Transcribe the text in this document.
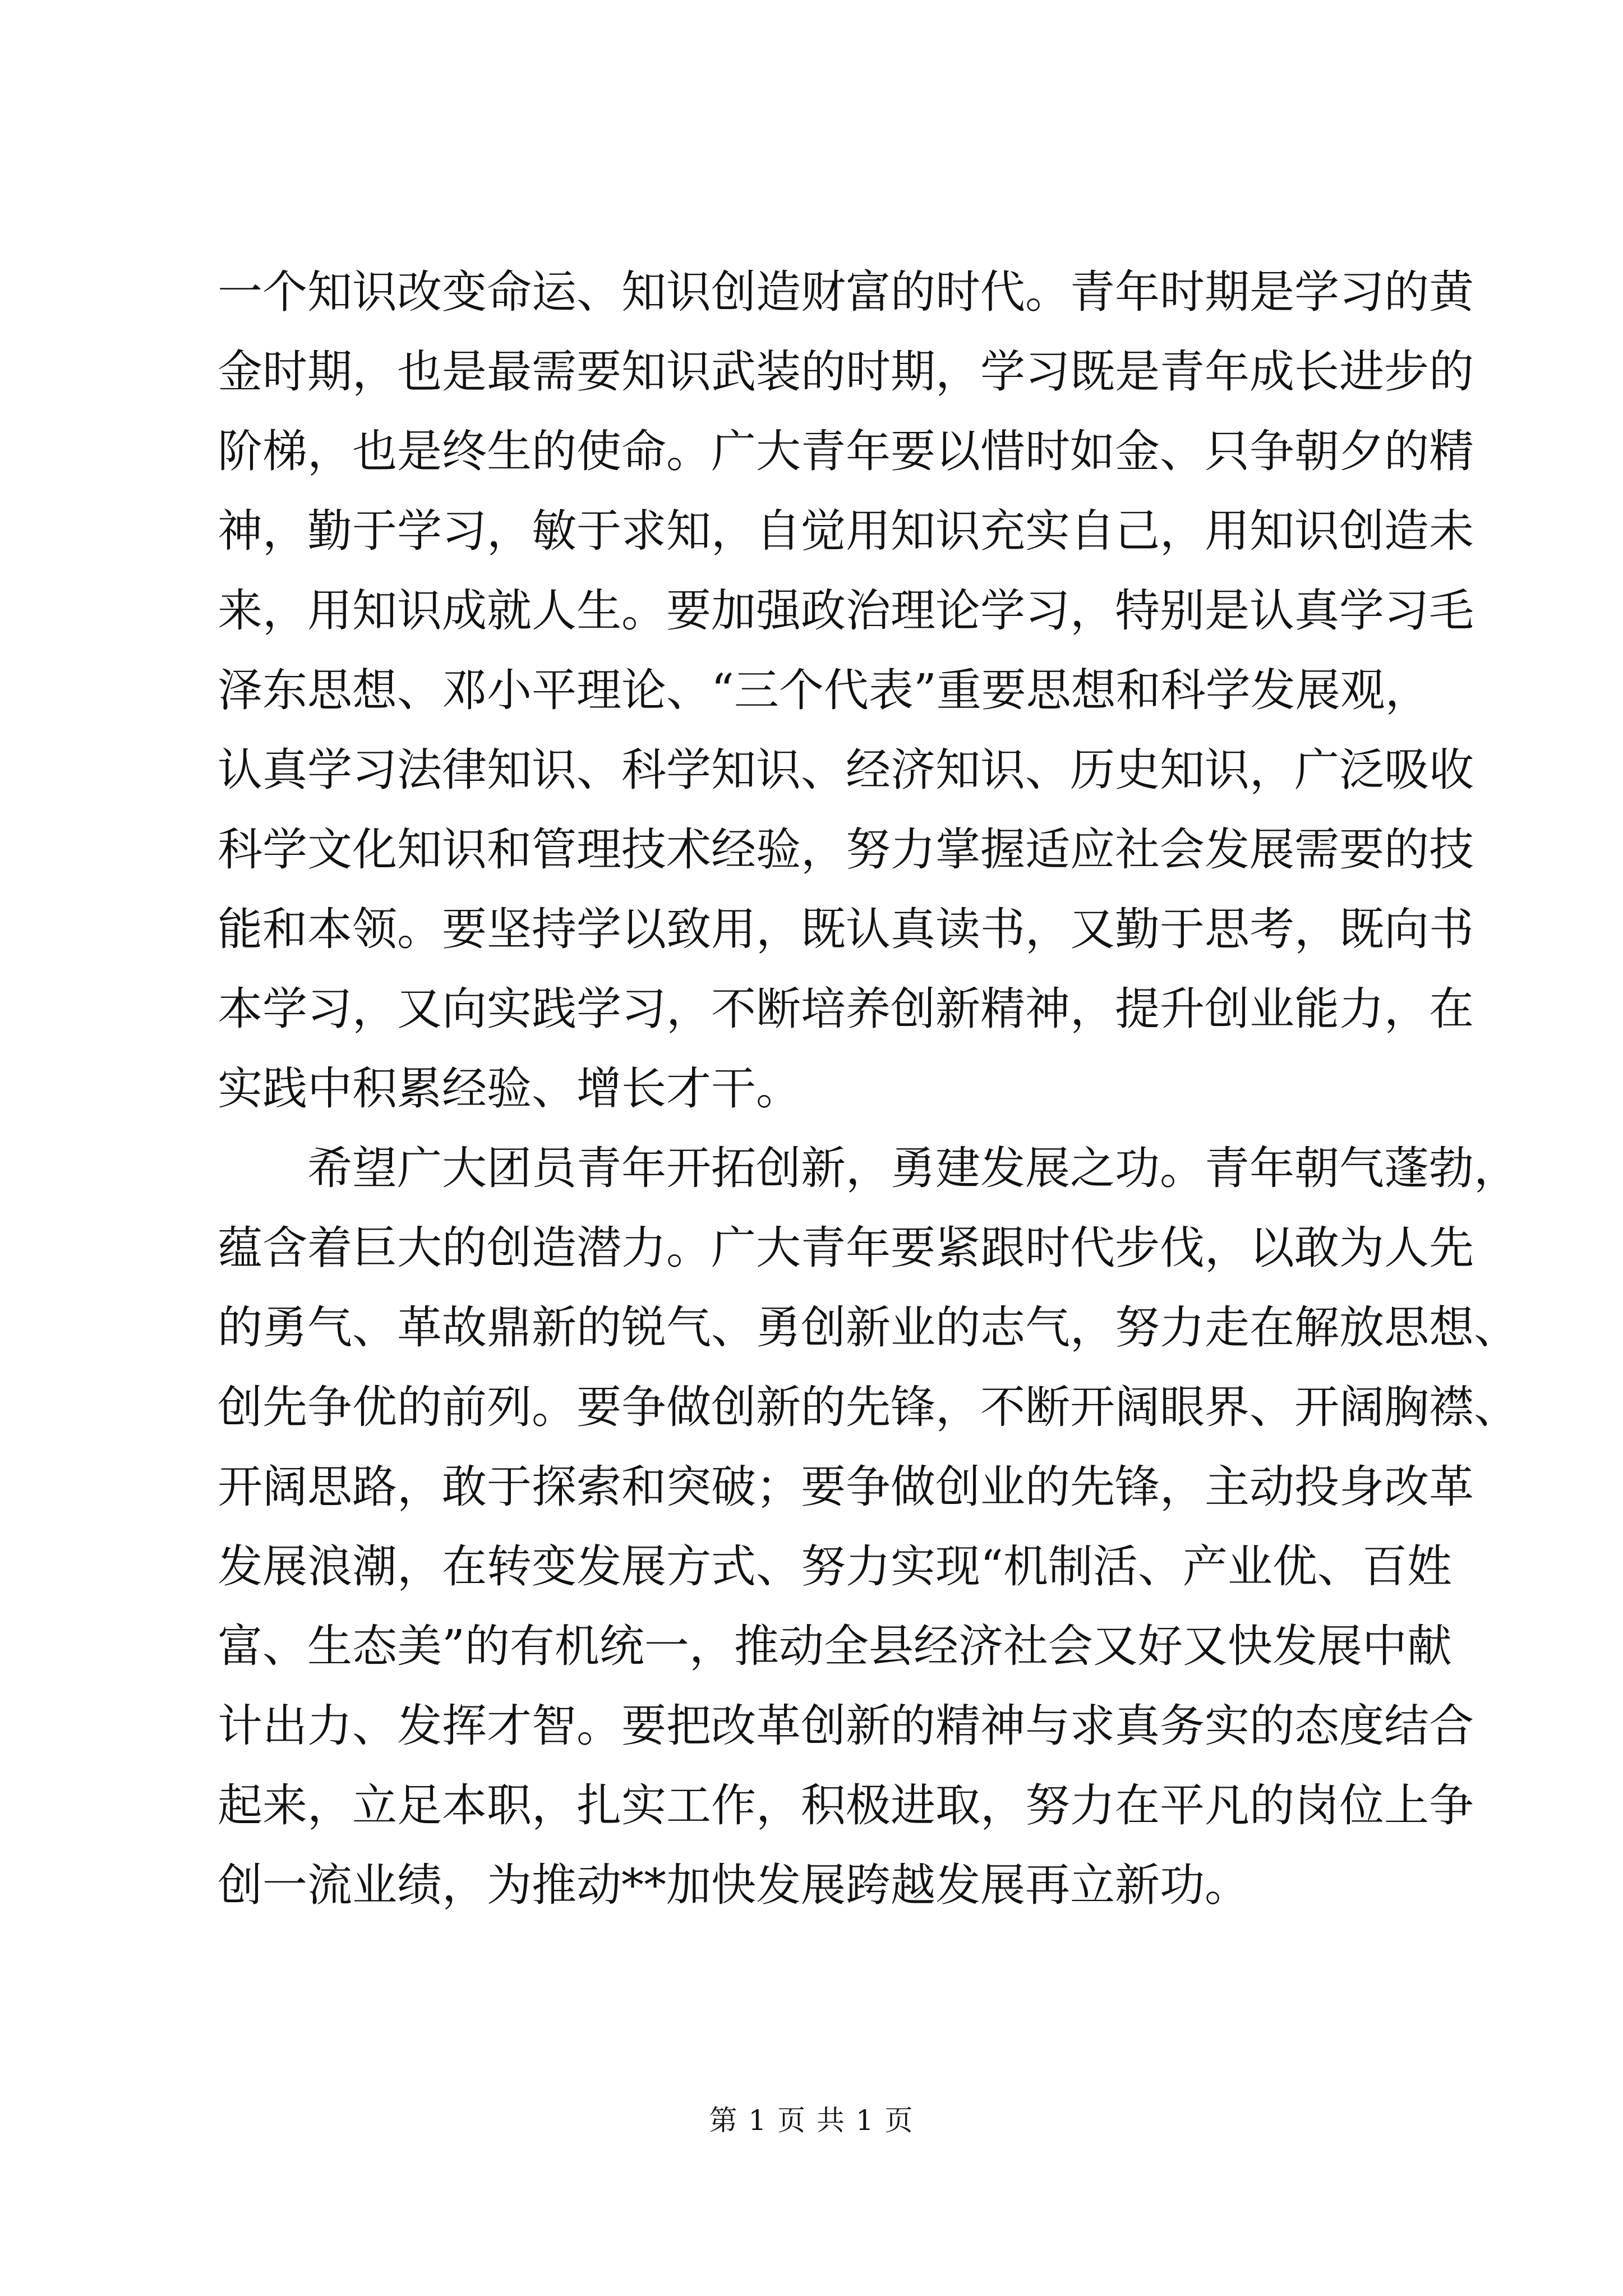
一个知识改变命运、知识创造财富的时代。青年时期是学习的黄
金时期，也是最需要知识武装的时期，学习既是青年成长进步的
阶梯，也是终生的使命。广大青年要以惜时如金、只争朝夕的精
神，勤于学习，敏于求知，自觉用知识充实自己，用知识创造未
来，用知识成就人生。要加强政治理论学习，特别是认真学习毛
泽东思想、邓小平理论、“三个代表”重要思想和科学发展观，
认真学习法律知识、科学知识、经济知识、历史知识，广泛吸收
科学文化知识和管理技术经验，努力掌握适应社会发展需要的技
能和本领。要坚持学以致用，既认真读书，又勤于思考，既向书
本学习，又向实践学习，不断培养创新精神，提升创业能力，在
实践中积累经验、增长才干。
　　希望广大团员青年开拓创新，勇建发展之功。青年朝气蓬勃，
蕴含着巨大的创造潜力。广大青年要紧跟时代步伐，以敢为人先
的勇气、革故鼎新的锐气、勇创新业的志气，努力走在解放思想、
创先争优的前列。要争做创新的先锋，不断开阔眼界、开阔胸襟、
开阔思路，敢于探索和突破；要争做创业的先锋，主动投身改革
发展浪潮，在转变发展方式、努力实现“机制活、产业优、百姓
富、生态美”的有机统一，推动全县经济社会又好又快发展中献
计出力、发挥才智。要把改革创新的精神与求真务实的态度结合
起来，立足本职，扎实工作，积极进取，努力在平凡的岗位上争
创一流业绩，为推动**加快发展跨越发展再立新功。
第 1 页 共 1 页
